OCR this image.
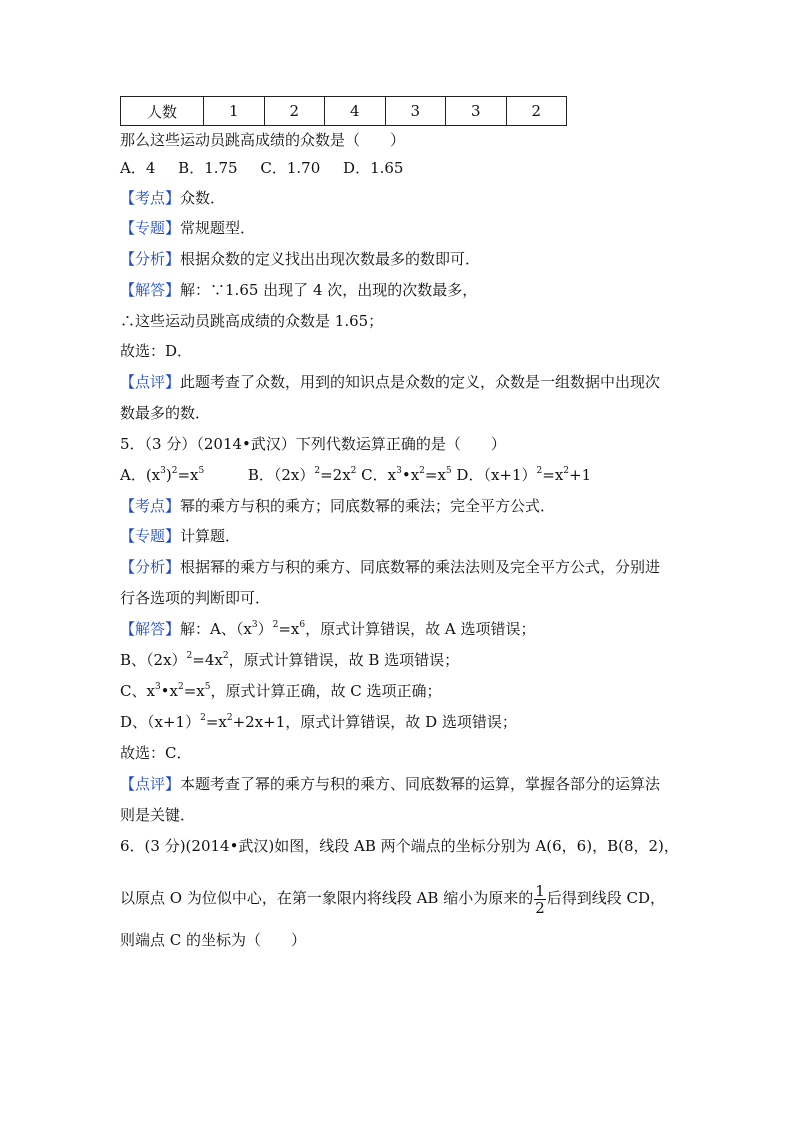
人数	1	2	4	3	3	2
那么这些运动员跳高成绩的众数是（　　）
A．4 B．1.75 C．1.70 D．1.65
【考点】众数．
【专题】常规题型．
【分析】根据众数的定义找出出现次数最多的数即可．
【解答】解：∵1.65 出现了 4 次，出现的次数最多，
∴这些运动员跳高成绩的众数是 1.65；
故选：D．
【点评】此题考查了众数，用到的知识点是众数的定义，众数是一组数据中出现次
数最多的数．
5．（3 分）（2014•武汉）下列代数运算正确的是（　　）
A．$(x^3)^2=x^5$	B．$(2x)^2=2x^2$ C．$x^3•x^2=x^5$ D．$(x+1)^2=x^2+1$
【考点】幂的乘方与积的乘方；同底数幂的乘法；完全平方公式．
【专题】计算题．
【分析】根据幂的乘方与积的乘方、同底数幂的乘法法则及完全平方公式，分别进
行各选项的判断即可．
【解答】解：A、$(x^3)^2=x^6$，原式计算错误，故 A 选项错误；
B、$(2x)^2=4x^2$，原式计算错误，故 B 选项错误；
C、$x^3•x^2=x^5$，原式计算正确，故 C 选项正确；
D、$(x+1)^2=x^2+2x+1$，原式计算错误，故 D 选项错误；
故选：C．
【点评】本题考查了幂的乘方与积的乘方、同底数幂的运算，掌握各部分的运算法
则是关键．
6．(3 分)(2014•武汉)如图，线段 AB 两个端点的坐标分别为 A(6，6)，B(8，2)，
以原点 O 为位似中心，在第一象限内将线段 AB 缩小为原来的 $\frac{1}{2}$ 后得到线段 CD，
则端点 C 的坐标为（　　）
